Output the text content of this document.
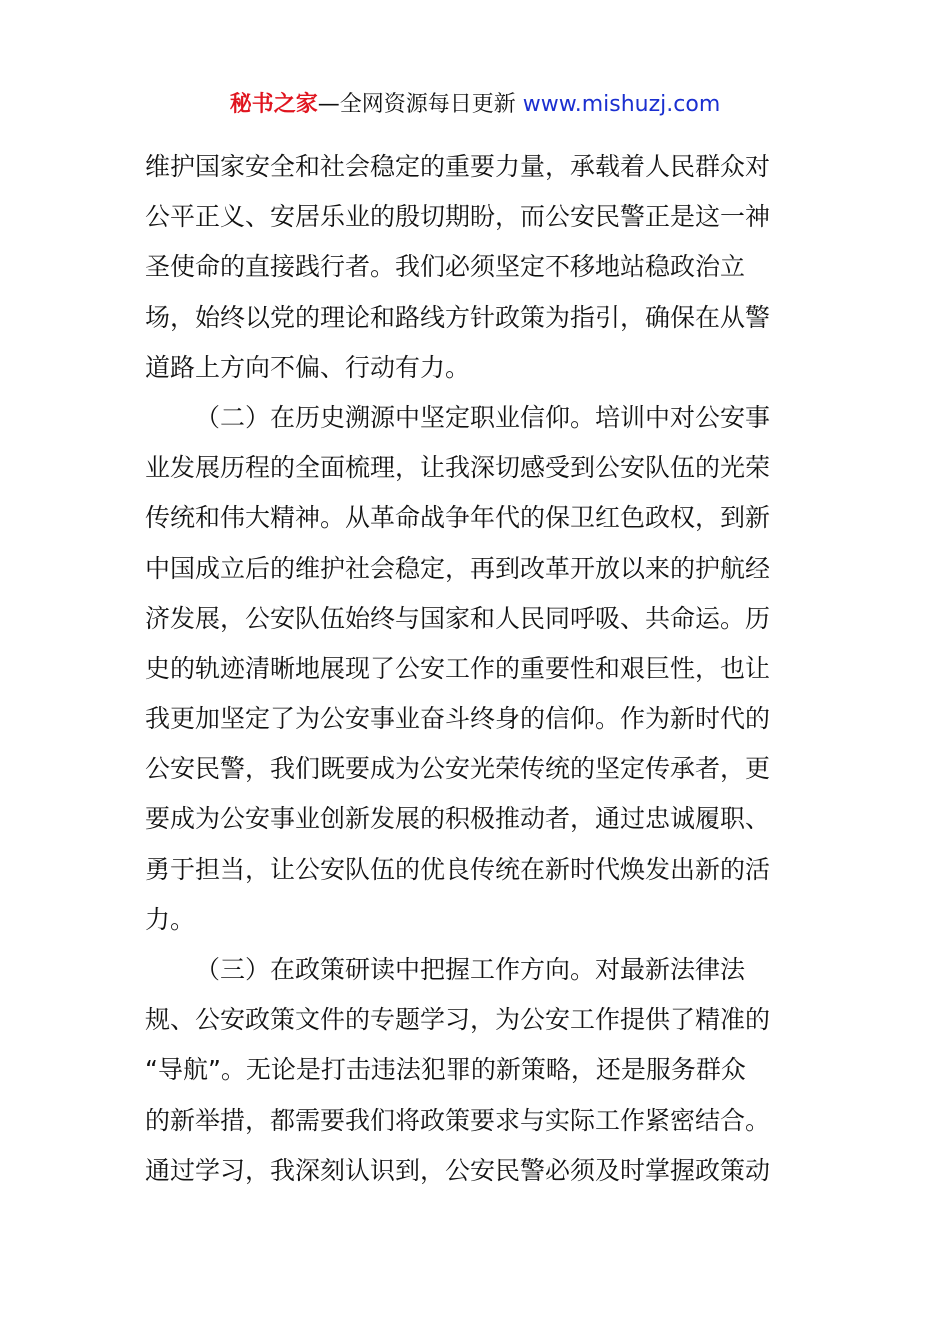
秘书之家—全网资源每日更新 www.mishuzj.com
维护国家安全和社会稳定的重要力量，承载着人民群众对
公平正义、安居乐业的殷切期盼，而公安民警正是这一神
圣使命的直接践行者。我们必须坚定不移地站稳政治立
场，始终以党的理论和路线方针政策为指引，确保在从警
道路上方向不偏、行动有力。
（二）在历史溯源中坚定职业信仰。培训中对公安事
业发展历程的全面梳理，让我深切感受到公安队伍的光荣
传统和伟大精神。从革命战争年代的保卫红色政权，到新
中国成立后的维护社会稳定，再到改革开放以来的护航经
济发展，公安队伍始终与国家和人民同呼吸、共命运。历
史的轨迹清晰地展现了公安工作的重要性和艰巨性，也让
我更加坚定了为公安事业奋斗终身的信仰。作为新时代的
公安民警，我们既要成为公安光荣传统的坚定传承者，更
要成为公安事业创新发展的积极推动者，通过忠诚履职、
勇于担当，让公安队伍的优良传统在新时代焕发出新的活
力。
（三）在政策研读中把握工作方向。对最新法律法
规、公安政策文件的专题学习，为公安工作提供了精准的
“导航”。无论是打击违法犯罪的新策略，还是服务群众
的新举措，都需要我们将政策要求与实际工作紧密结合。
通过学习，我深刻认识到，公安民警必须及时掌握政策动
